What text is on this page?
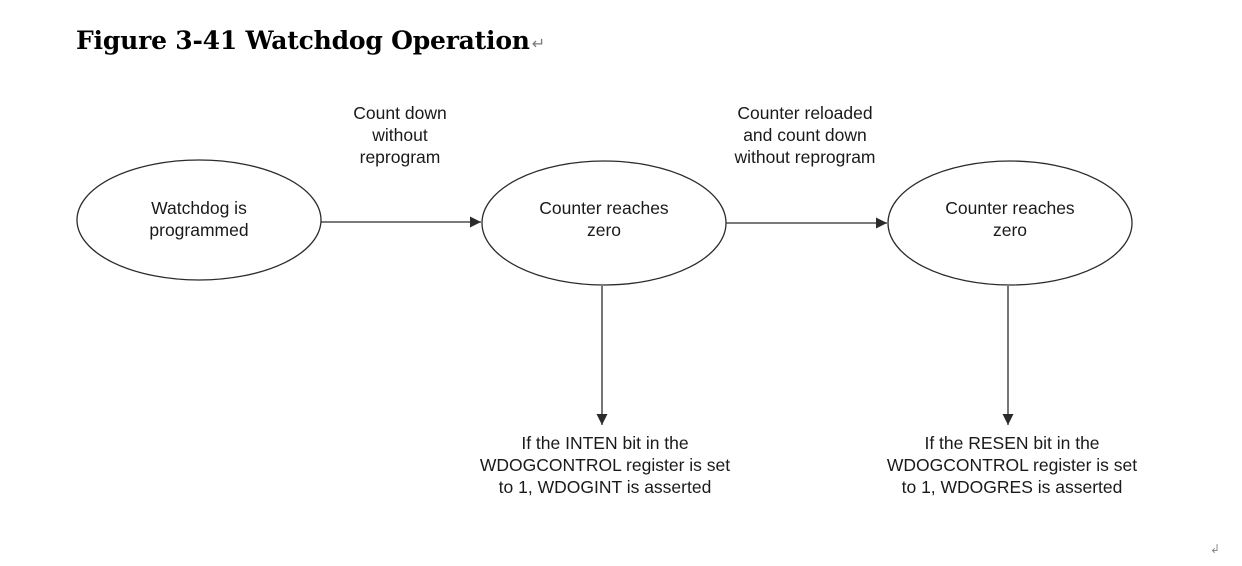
Figure 3-41 Watchdog Operation ↵
Watchdog is
programmed
Counter reaches
zero
Counter reaches
zero
Count down
without
reprogram
Counter reloaded
and count down
without reprogram
If the INTEN bit in the
WDOGCONTROL register is set
to 1, WDOGINT is asserted
If the RESEN bit in the
WDOGCONTROL register is set
to 1, WDOGRES is asserted
↲
